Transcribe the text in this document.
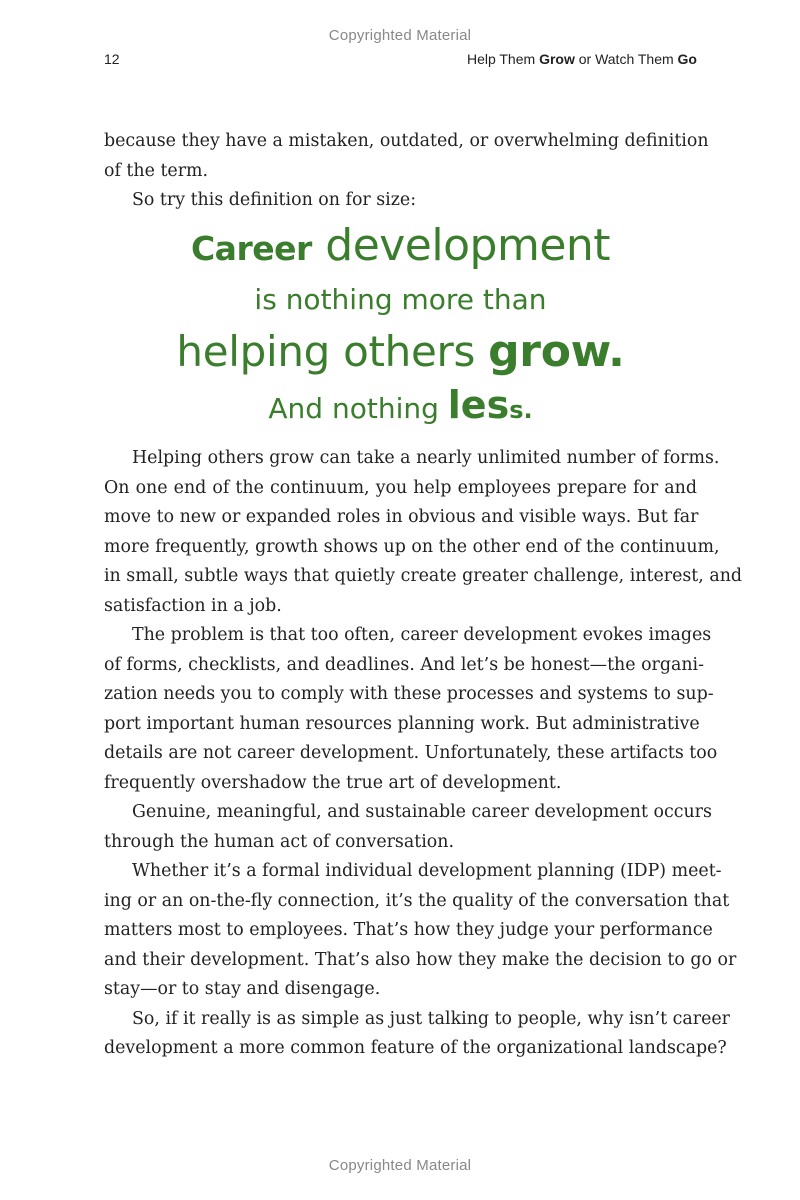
Copyrighted Material
12	Help Them Grow or Watch Them Go
because they have a mistaken, outdated, or overwhelming definition
of the term.
So try this definition on for size:
Career development
is nothing more than
helping others grow.
And nothing less.
Helping others grow can take a nearly unlimited number of forms.
On one end of the continuum, you help employees prepare for and
move to new or expanded roles in obvious and visible ways. But far
more frequently, growth shows up on the other end of the continuum,
in small, subtle ways that quietly create greater challenge, interest, and
satisfaction in a job.
The problem is that too often, career development evokes images
of forms, checklists, and deadlines. And let’s be honest—the organi-
zation needs you to comply with these processes and systems to sup-
port important human resources planning work. But administrative
details are not career development. Unfortunately, these artifacts too
frequently overshadow the true art of development.
Genuine, meaningful, and sustainable career development occurs
through the human act of conversation.
Whether it’s a formal individual development planning (IDP) meet-
ing or an on-the-fly connection, it’s the quality of the conversation that
matters most to employees. That’s how they judge your performance
and their development. That’s also how they make the decision to go or
stay—or to stay and disengage.
So, if it really is as simple as just talking to people, why isn’t career
development a more common feature of the organizational landscape?
Copyrighted Material
